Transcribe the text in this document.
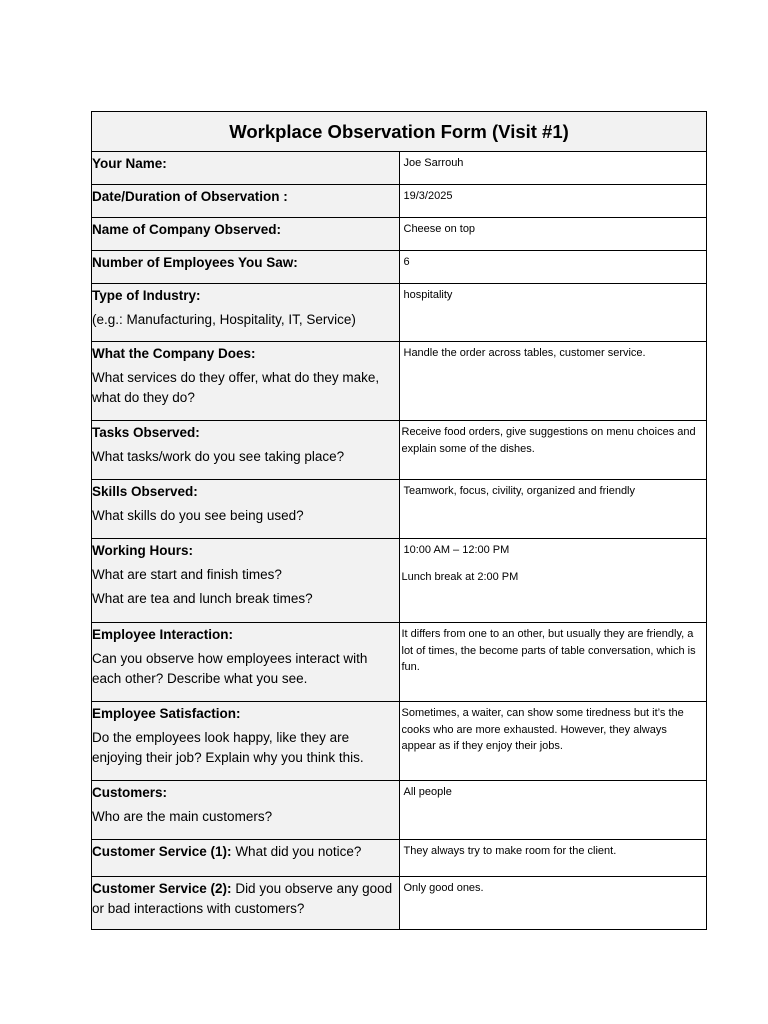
Workplace Observation Form (Visit #1)	

Your Name:	Joe Sarrouh

Date/Duration of Observation :	19/3/2025

Name of Company Observed:	Cheese on top

Number of Employees You Saw:	6

Type of Industry:
(e.g.: Manufacturing, Hospitality, IT, Service)	hospitality

What the Company Does:
What services do they offer, what do they make, what do they do?	Handle the order across tables, customer service.

Tasks Observed:
What tasks/work do you see taking place?	Receive food orders, give suggestions on menu choices and explain some of the dishes.

Skills Observed:
What skills do you see being used?	Teamwork, focus, civility, organized and friendly

Working Hours:
What are start and finish times?
What are tea and lunch break times?	10:00 AM – 12:00 PM
Lunch break at 2:00 PM

Employee Interaction:
Can you observe how employees interact with each other? Describe what you see.	It differs from one to an other, but usually they are friendly, a lot of times, the become parts of table conversation, which is fun.

Employee Satisfaction:
Do the employees look happy, like they are enjoying their job? Explain why you think this.	Sometimes, a waiter, can show some tiredness but it’s the cooks who are more exhausted. However, they always appear as if they enjoy their jobs.

Customers:
Who are the main customers?	All people

Customer Service (1): What did you notice?	They always try to make room for the client.

Customer Service (2): Did you observe any good or bad interactions with customers?	Only good ones.
